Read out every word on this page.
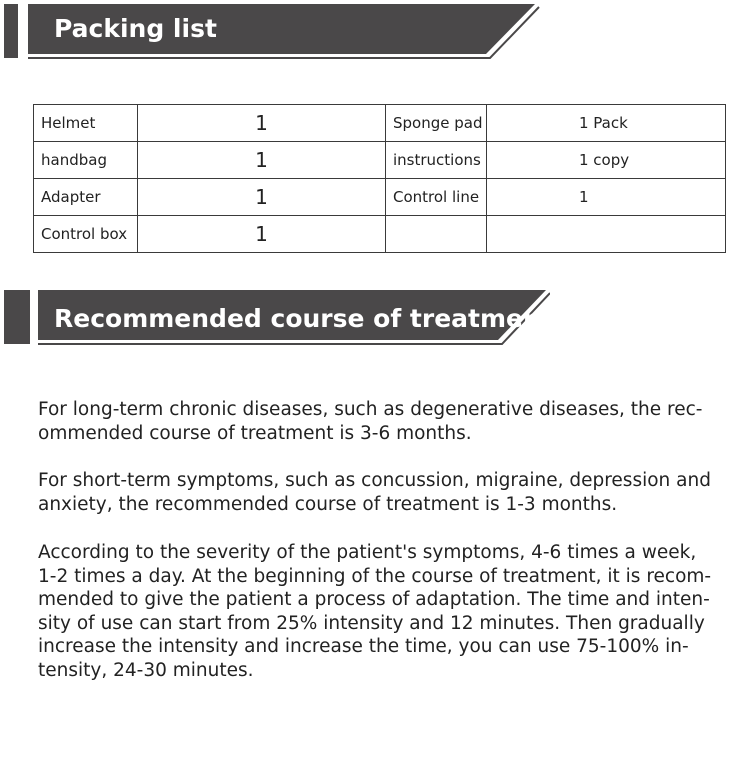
Packing list
Helmet	1	Sponge pad	1 Pack
handbag	1	instructions	1 copy
Adapter	1	Control line	1
Control box	1		
Recommended course of treatment

For long-term chronic diseases, such as degenerative diseases, the rec-ommended course of treatment is 3-6 months.

For short-term symptoms, such as concussion, migraine, depression and anxiety, the recommended course of treatment is 1-3 months.

According to the severity of the patient's symptoms, 4-6 times a week, 1-2 times a day. At the beginning of the course of treatment, it is recom-mended to give the patient a process of adaptation. The time and inten-sity of use can start from 25% intensity and 12 minutes. Then gradually increase the intensity and increase the time, you can use 75-100% in-tensity, 24-30 minutes.
